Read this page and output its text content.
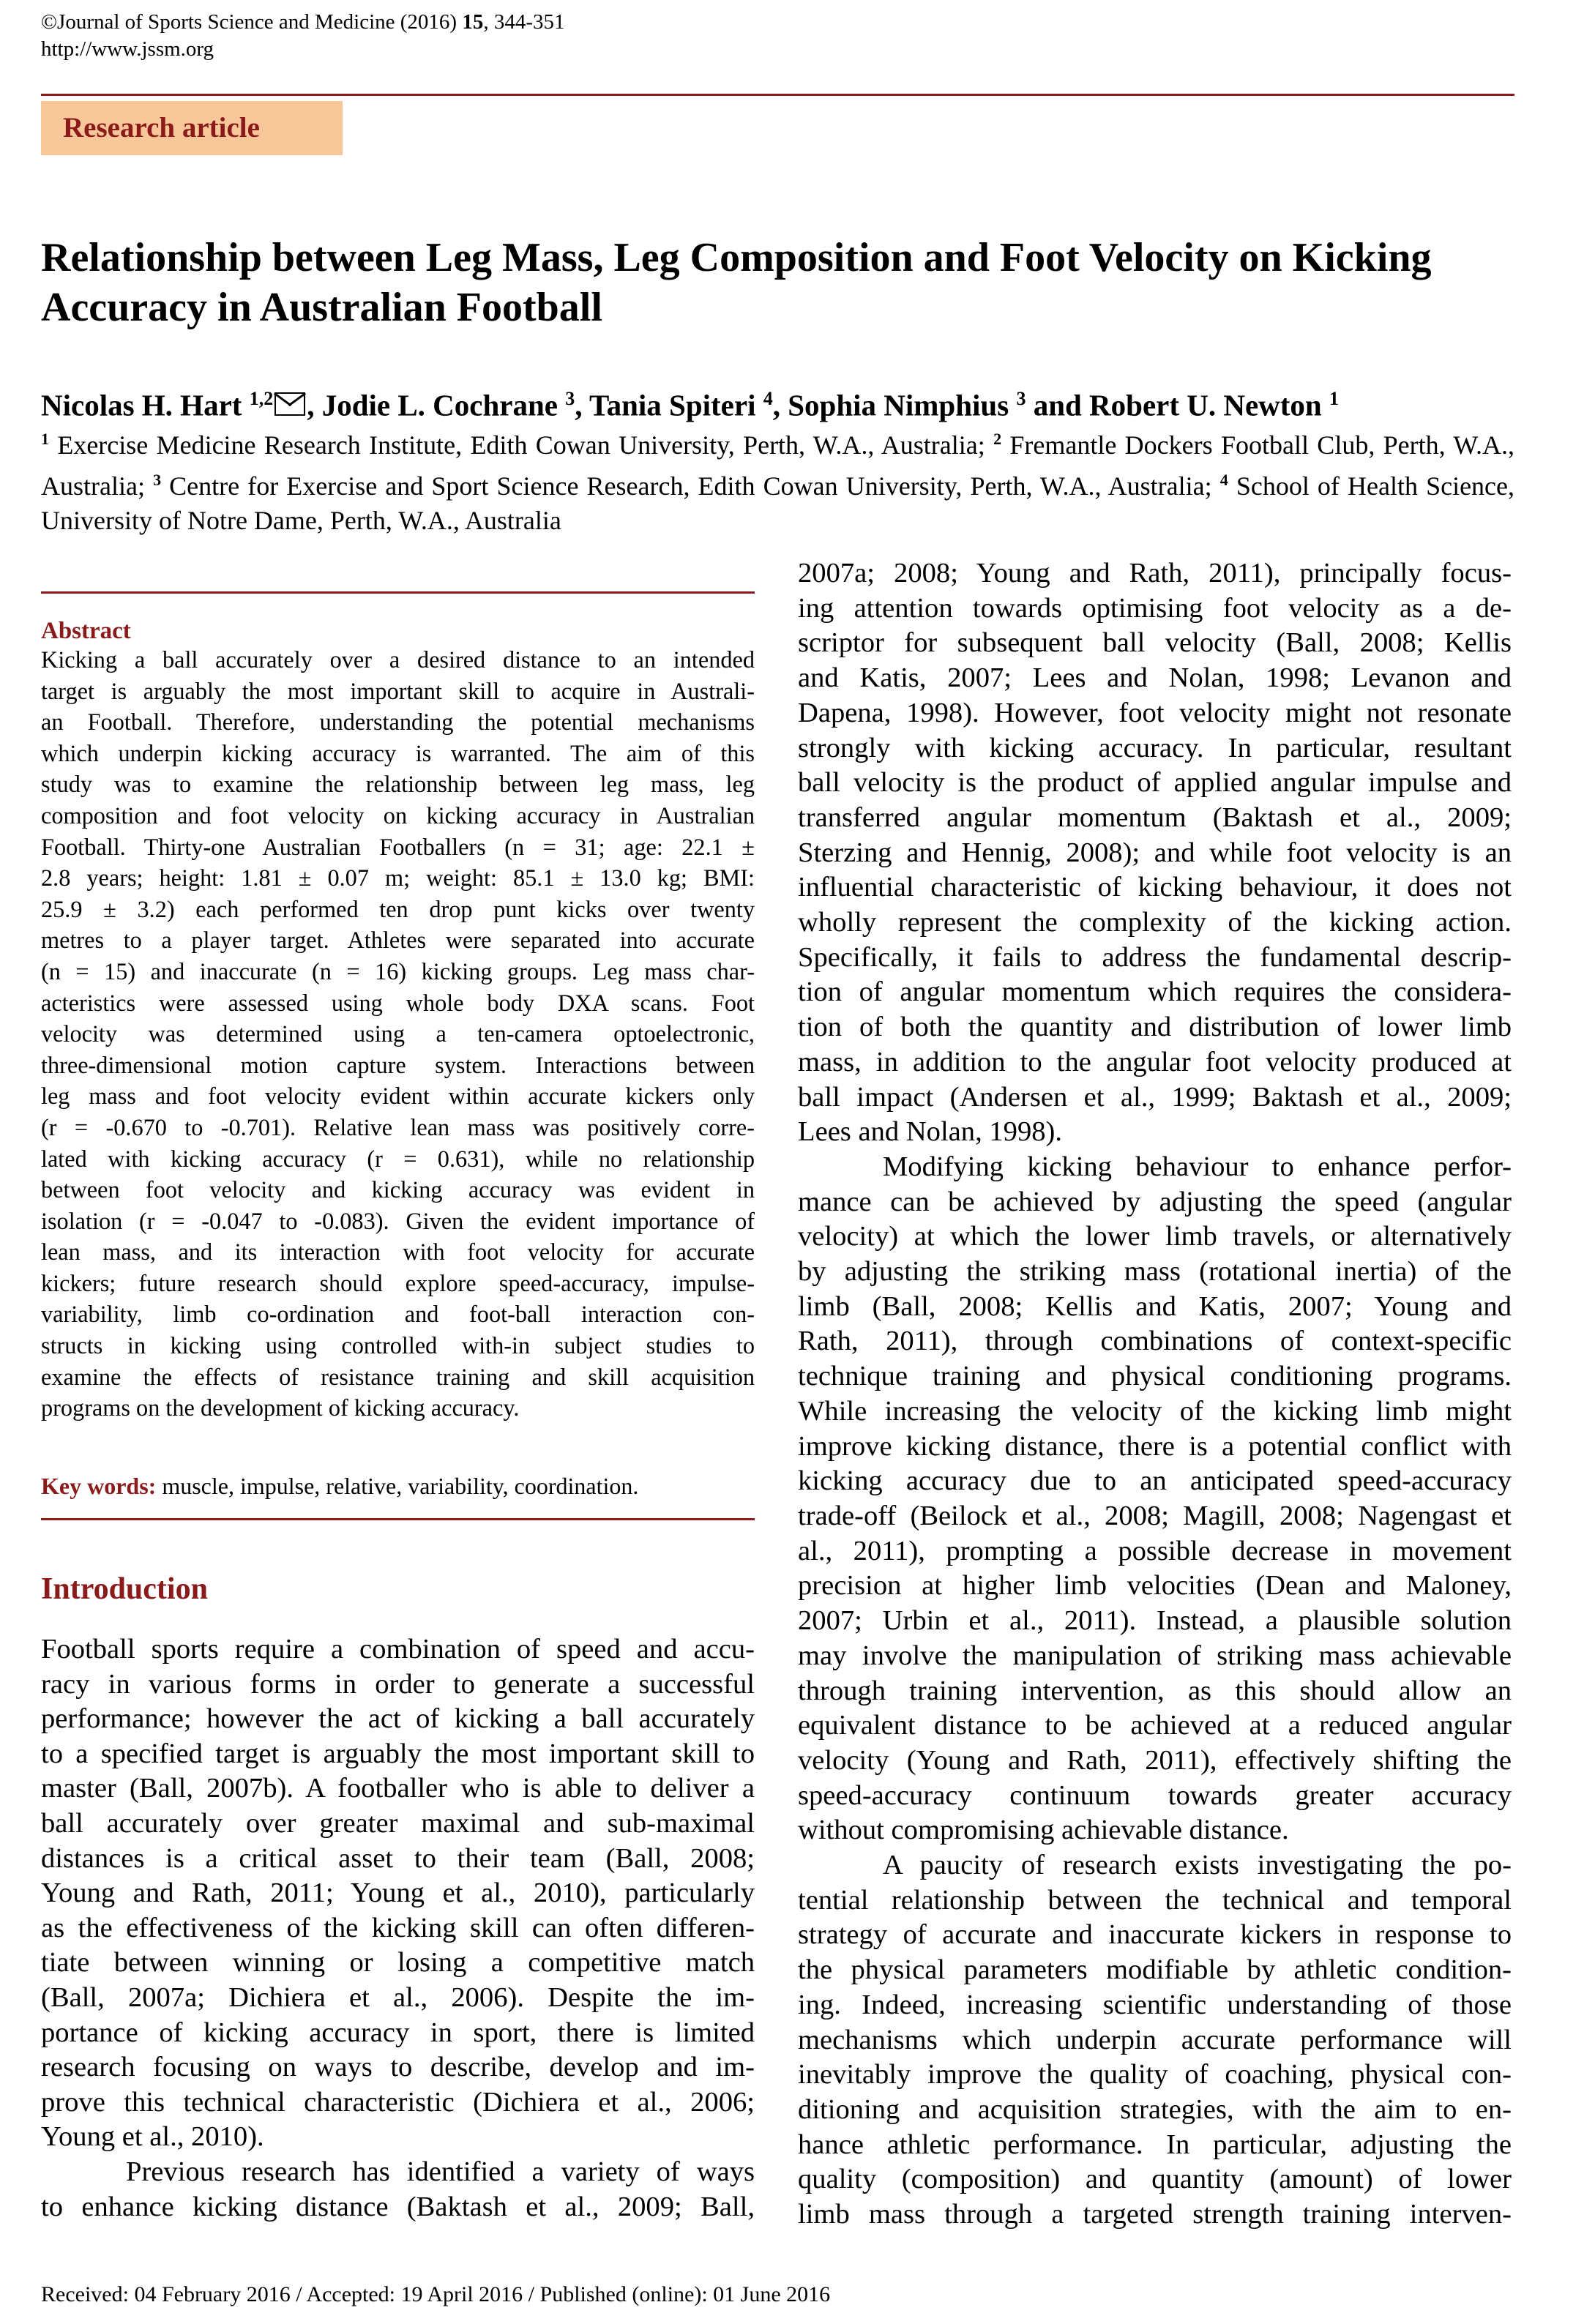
©Journal of Sports Science and Medicine (2016) 15, 344-351
http://www.jssm.org
Research article
Relationship between Leg Mass, Leg Composition and Foot Velocity on Kicking
Accuracy in Australian Football
Nicolas H. Hart $^{1,2}$ , Jodie L. Cochrane $^3$, Tania Spiteri $^4$, Sophia Nimphius $^3$ and Robert U. Newton $^1$
$^1$ Exercise Medicine Research Institute, Edith Cowan University, Perth, W.A., Australia; $^2$ Fremantle Dockers Football Club, Perth, W.A., Australia; $^3$ Centre for Exercise and Sport Science Research, Edith Cowan University, Perth, W.A., Australia; $^4$ School of Health Science, University of Notre Dame, Perth, W.A., Australia
Abstract

Kicking a ball accurately over a desired distance to an intended

target is arguably the most important skill to acquire in Australi-

an Football. Therefore, understanding the potential mechanisms

which underpin kicking accuracy is warranted. The aim of this

study was to examine the relationship between leg mass, leg

composition and foot velocity on kicking accuracy in Australian

Football. Thirty-one Australian Footballers (n = 31; age: 22.1 ±

2.8 years; height: 1.81 ± 0.07 m; weight: 85.1 ± 13.0 kg; BMI:

25.9 ± 3.2) each performed ten drop punt kicks over twenty

metres to a player target. Athletes were separated into accurate

(n = 15) and inaccurate (n = 16) kicking groups. Leg mass char-

acteristics were assessed using whole body DXA scans. Foot

velocity was determined using a ten-camera optoelectronic,

three-dimensional motion capture system. Interactions between

leg mass and foot velocity evident within accurate kickers only

(r = -0.670 to -0.701). Relative lean mass was positively corre-

lated with kicking accuracy (r = 0.631), while no relationship

between foot velocity and kicking accuracy was evident in

isolation (r = -0.047 to -0.083). Given the evident importance of

lean mass, and its interaction with foot velocity for accurate

kickers; future research should explore speed-accuracy, impulse-

variability, limb co-ordination and foot-ball interaction con-

structs in kicking using controlled with-in subject studies to

examine the effects of resistance training and skill acquisition

programs on the development of kicking accuracy.

Key words: muscle, impulse, relative, variability, coordination.
Introduction

Football sports require a combination of speed and accu-

racy in various forms in order to generate a successful

performance; however the act of kicking a ball accurately

to a specified target is arguably the most important skill to

master (Ball, 2007b). A footballer who is able to deliver a

ball accurately over greater maximal and sub-maximal

distances is a critical asset to their team (Ball, 2008;

Young and Rath, 2011; Young et al., 2010), particularly

as the effectiveness of the kicking skill can often differen-

tiate between winning or losing a competitive match

(Ball, 2007a; Dichiera et al., 2006). Despite the im-

portance of kicking accuracy in sport, there is limited

research focusing on ways to describe, develop and im-

prove this technical characteristic (Dichiera et al., 2006;

Young et al., 2010).

Previous research has identified a variety of ways

to enhance kicking distance (Baktash et al., 2009; Ball,

2007a; 2008; Young and Rath, 2011), principally focus-

ing attention towards optimising foot velocity as a de-

scriptor for subsequent ball velocity (Ball, 2008; Kellis

and Katis, 2007; Lees and Nolan, 1998; Levanon and

Dapena, 1998). However, foot velocity might not resonate

strongly with kicking accuracy. In particular, resultant

ball velocity is the product of applied angular impulse and

transferred angular momentum (Baktash et al., 2009;

Sterzing and Hennig, 2008); and while foot velocity is an

influential characteristic of kicking behaviour, it does not

wholly represent the complexity of the kicking action.

Specifically, it fails to address the fundamental descrip-

tion of angular momentum which requires the considera-

tion of both the quantity and distribution of lower limb

mass, in addition to the angular foot velocity produced at

ball impact (Andersen et al., 1999; Baktash et al., 2009;

Lees and Nolan, 1998).

Modifying kicking behaviour to enhance perfor-

mance can be achieved by adjusting the speed (angular

velocity) at which the lower limb travels, or alternatively

by adjusting the striking mass (rotational inertia) of the

limb (Ball, 2008; Kellis and Katis, 2007; Young and

Rath, 2011), through combinations of context-specific

technique training and physical conditioning programs.

While increasing the velocity of the kicking limb might

improve kicking distance, there is a potential conflict with

kicking accuracy due to an anticipated speed-accuracy

trade-off (Beilock et al., 2008; Magill, 2008; Nagengast et

al., 2011), prompting a possible decrease in movement

precision at higher limb velocities (Dean and Maloney,

2007; Urbin et al., 2011). Instead, a plausible solution

may involve the manipulation of striking mass achievable

through training intervention, as this should allow an

equivalent distance to be achieved at a reduced angular

velocity (Young and Rath, 2011), effectively shifting the

speed-accuracy continuum towards greater accuracy

without compromising achievable distance.

A paucity of research exists investigating the po-

tential relationship between the technical and temporal

strategy of accurate and inaccurate kickers in response to

the physical parameters modifiable by athletic condition-

ing. Indeed, increasing scientific understanding of those

mechanisms which underpin accurate performance will

inevitably improve the quality of coaching, physical con-

ditioning and acquisition strategies, with the aim to en-

hance athletic performance. In particular, adjusting the

quality (composition) and quantity (amount) of lower

limb mass through a targeted strength training interven-

Received: 04 February 2016 / Accepted: 19 April 2016 / Published (online): 01 June 2016
